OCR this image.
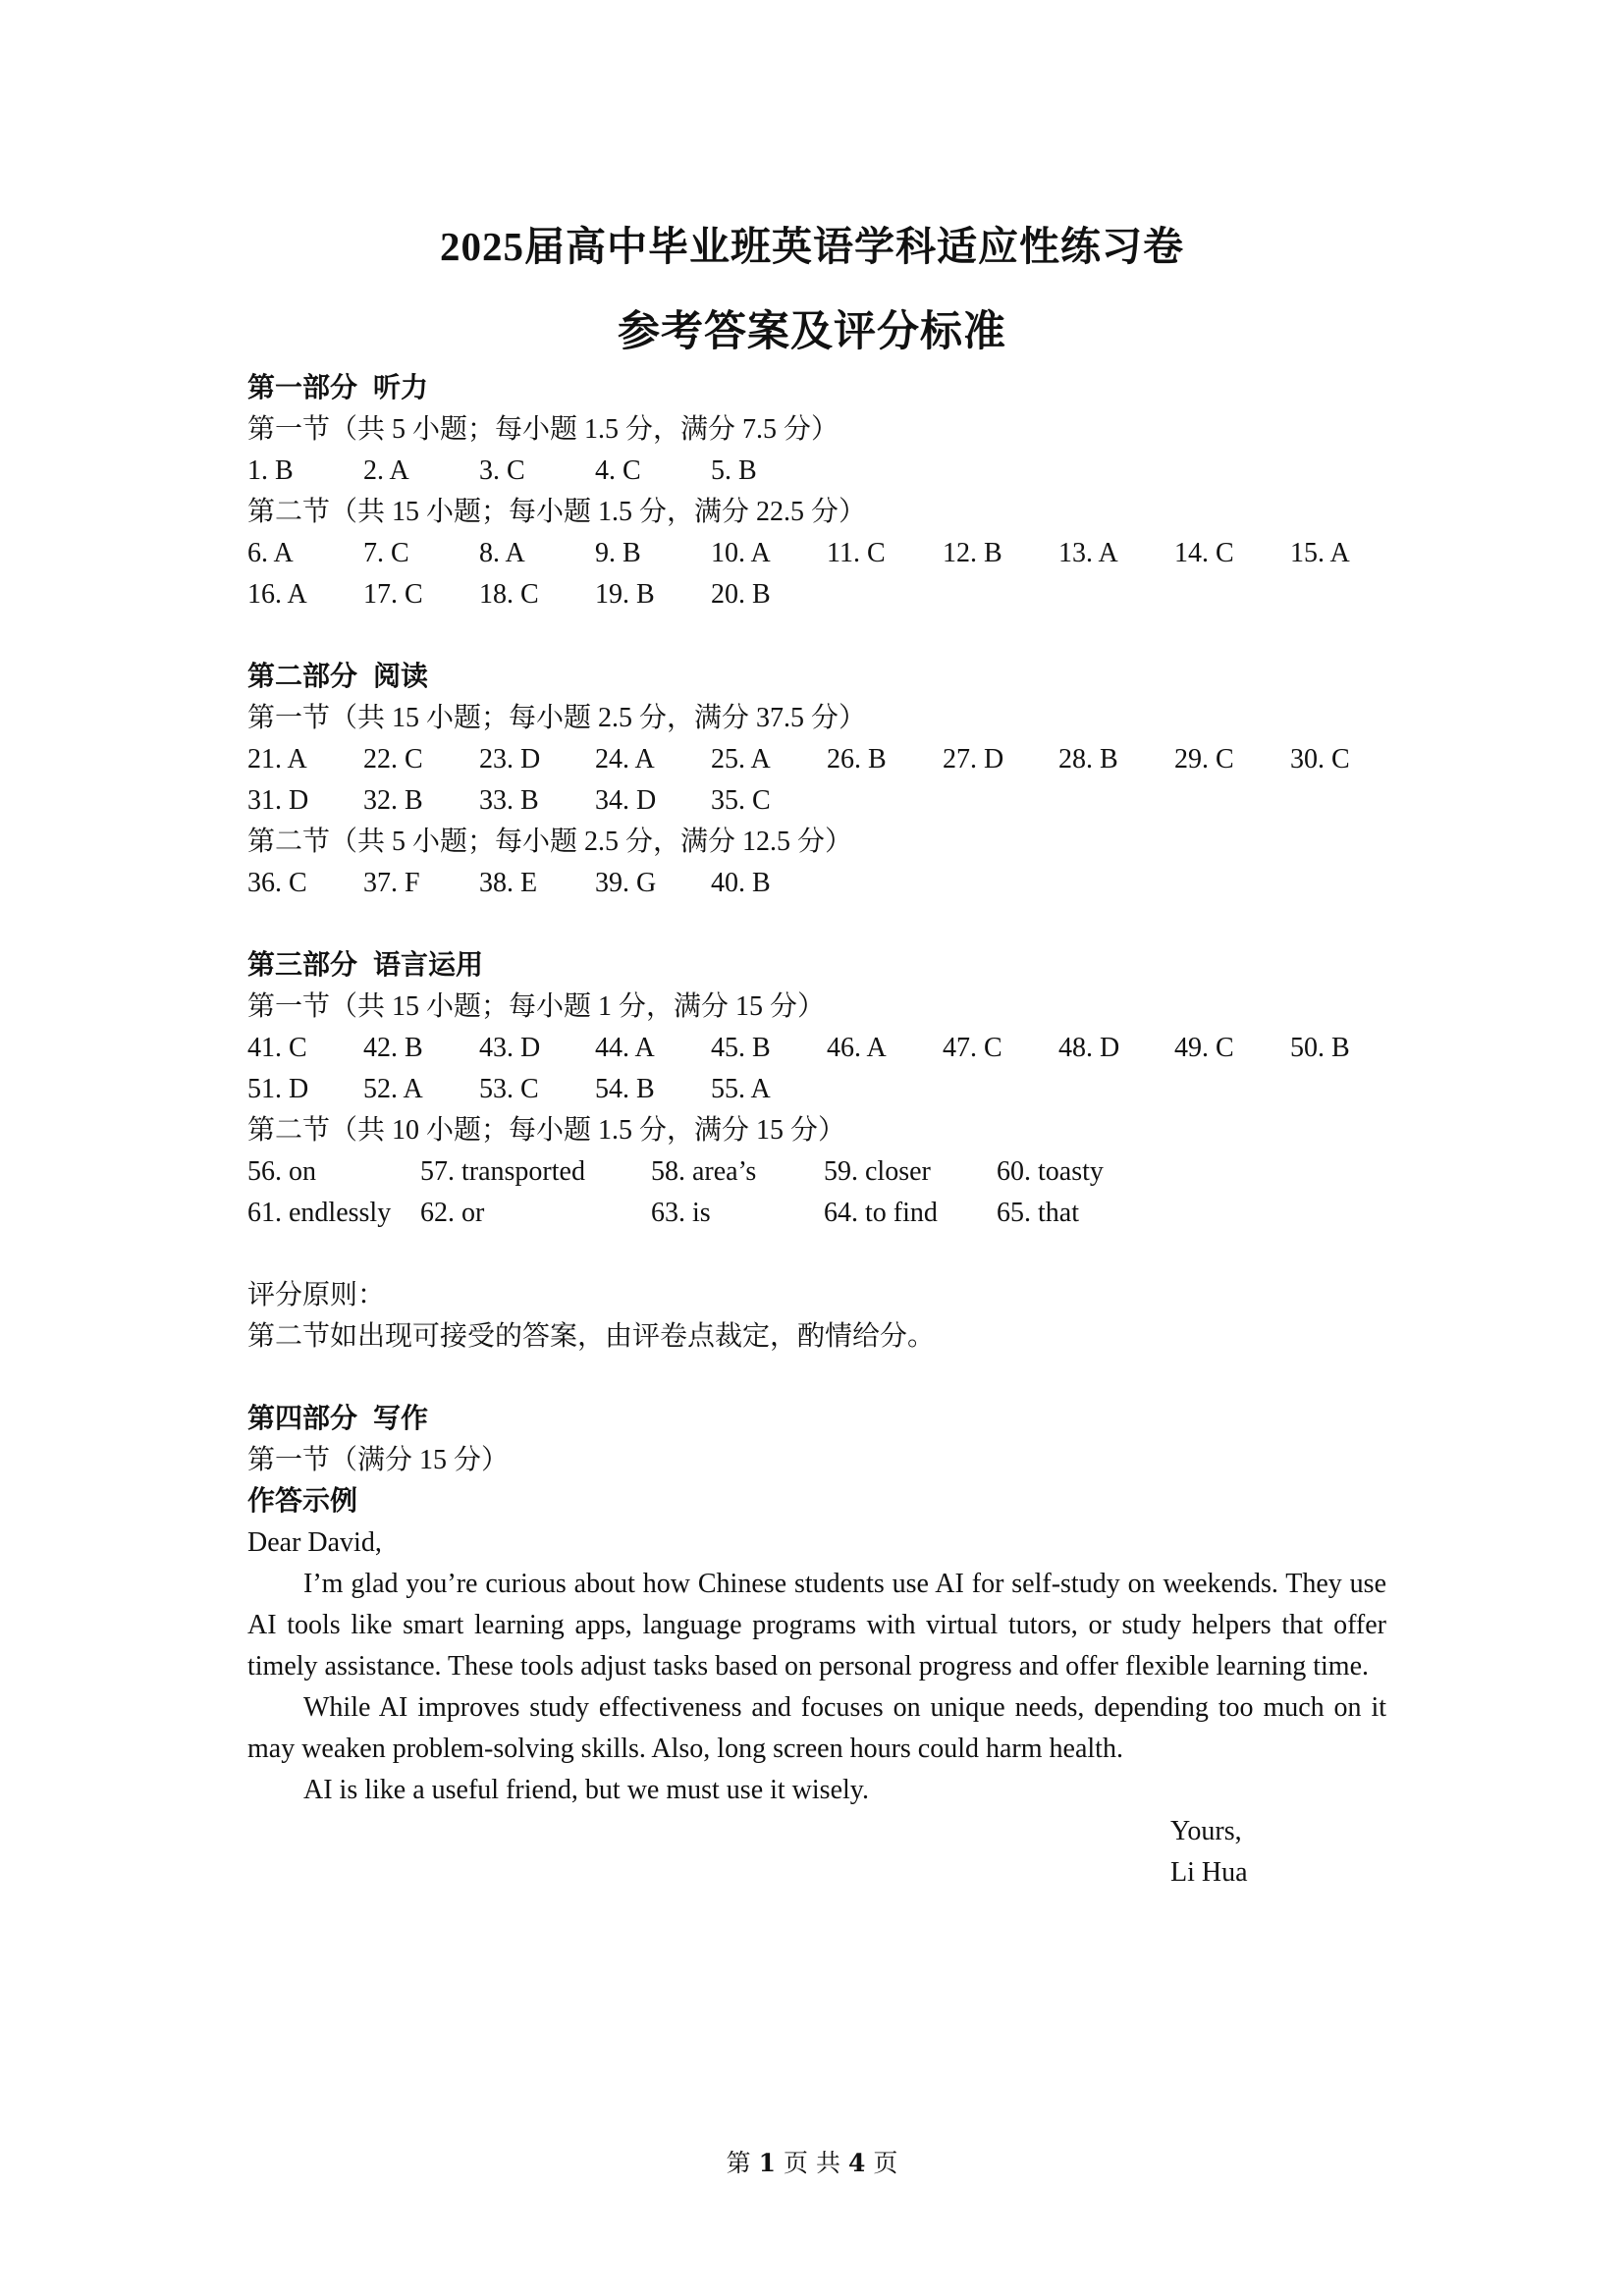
2025届高中毕业班英语学科适应性练习卷
参考答案及评分标准
第一部分 听力
第一节（共 5 小题；每小题 1.5 分，满分 7.5 分）
1. B	2. A	3. C	4. C	5. B
第二节（共 15 小题；每小题 1.5 分，满分 22.5 分）
6. A	7. C	8. A	9. B	10. A	11. C	12. B	13. A	14. C	15. A
16. A	17. C	18. C	19. B	20. B
第二部分 阅读
第一节（共 15 小题；每小题 2.5 分，满分 37.5 分）
21. A	22. C	23. D	24. A	25. A	26. B	27. D	28. B	29. C	30. C
31. D	32. B	33. B	34. D	35. C
第二节（共 5 小题；每小题 2.5 分，满分 12.5 分）
36. C	37. F	38. E	39. G	40. B
第三部分 语言运用
第一节（共 15 小题；每小题 1 分，满分 15 分）
41. C	42. B	43. D	44. A	45. B	46. A	47. C	48. D	49. C	50. B
51. D	52. A	53. C	54. B	55. A
第二节（共 10 小题；每小题 1.5 分，满分 15 分）
56. on	57. transported	58. area’s	59. closer	60. toasty
61. endlessly	62. or	63. is	64. to find	65. that
评分原则：
第二节如出现可接受的答案，由评卷点裁定，酌情给分。
第四部分 写作
第一节（满分 15 分）
作答示例
Dear David,
I’m glad you’re curious about how Chinese students use AI for self-study on weekends. They use AI tools like smart learning apps, language programs with virtual tutors, or study helpers that offer timely assistance. These tools adjust tasks based on personal progress and offer flexible learning time.
While AI improves study effectiveness and focuses on unique needs, depending too much on it may weaken problem-solving skills. Also, long screen hours could harm health.
AI is like a useful friend, but we must use it wisely.
Yours,
Li Hua
第 1 页 共 4 页
